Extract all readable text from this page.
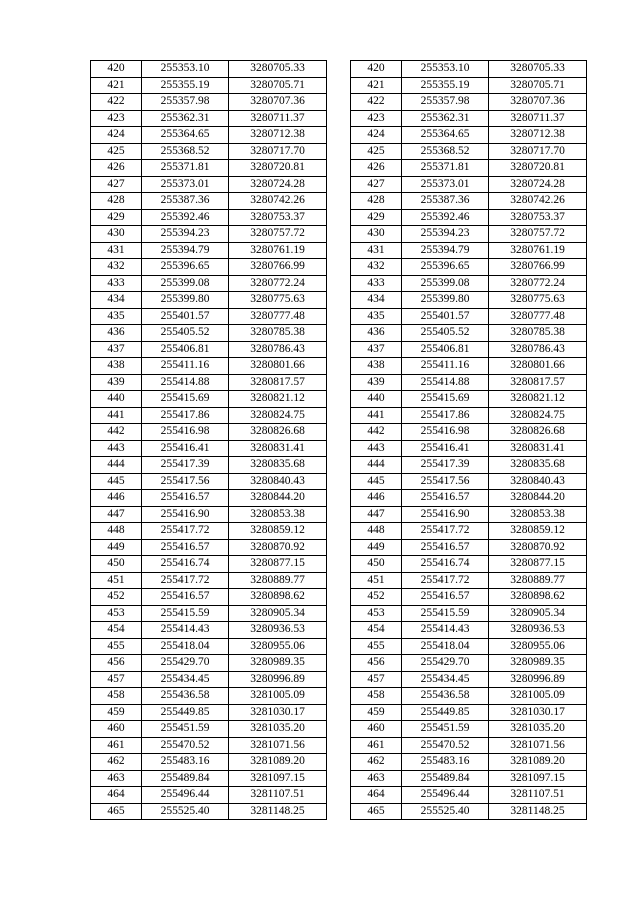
420	255353.10	3280705.33
421	255355.19	3280705.71
422	255357.98	3280707.36
423	255362.31	3280711.37
424	255364.65	3280712.38
425	255368.52	3280717.70
426	255371.81	3280720.81
427	255373.01	3280724.28
428	255387.36	3280742.26
429	255392.46	3280753.37
430	255394.23	3280757.72
431	255394.79	3280761.19
432	255396.65	3280766.99
433	255399.08	3280772.24
434	255399.80	3280775.63
435	255401.57	3280777.48
436	255405.52	3280785.38
437	255406.81	3280786.43
438	255411.16	3280801.66
439	255414.88	3280817.57
440	255415.69	3280821.12
441	255417.86	3280824.75
442	255416.98	3280826.68
443	255416.41	3280831.41
444	255417.39	3280835.68
445	255417.56	3280840.43
446	255416.57	3280844.20
447	255416.90	3280853.38
448	255417.72	3280859.12
449	255416.57	3280870.92
450	255416.74	3280877.15
451	255417.72	3280889.77
452	255416.57	3280898.62
453	255415.59	3280905.34
454	255414.43	3280936.53
455	255418.04	3280955.06
456	255429.70	3280989.35
457	255434.45	3280996.89
458	255436.58	3281005.09
459	255449.85	3281030.17
460	255451.59	3281035.20
461	255470.52	3281071.56
462	255483.16	3281089.20
463	255489.84	3281097.15
464	255496.44	3281107.51
465	255525.40	3281148.25
420	255353.10	3280705.33
421	255355.19	3280705.71
422	255357.98	3280707.36
423	255362.31	3280711.37
424	255364.65	3280712.38
425	255368.52	3280717.70
426	255371.81	3280720.81
427	255373.01	3280724.28
428	255387.36	3280742.26
429	255392.46	3280753.37
430	255394.23	3280757.72
431	255394.79	3280761.19
432	255396.65	3280766.99
433	255399.08	3280772.24
434	255399.80	3280775.63
435	255401.57	3280777.48
436	255405.52	3280785.38
437	255406.81	3280786.43
438	255411.16	3280801.66
439	255414.88	3280817.57
440	255415.69	3280821.12
441	255417.86	3280824.75
442	255416.98	3280826.68
443	255416.41	3280831.41
444	255417.39	3280835.68
445	255417.56	3280840.43
446	255416.57	3280844.20
447	255416.90	3280853.38
448	255417.72	3280859.12
449	255416.57	3280870.92
450	255416.74	3280877.15
451	255417.72	3280889.77
452	255416.57	3280898.62
453	255415.59	3280905.34
454	255414.43	3280936.53
455	255418.04	3280955.06
456	255429.70	3280989.35
457	255434.45	3280996.89
458	255436.58	3281005.09
459	255449.85	3281030.17
460	255451.59	3281035.20
461	255470.52	3281071.56
462	255483.16	3281089.20
463	255489.84	3281097.15
464	255496.44	3281107.51
465	255525.40	3281148.25
